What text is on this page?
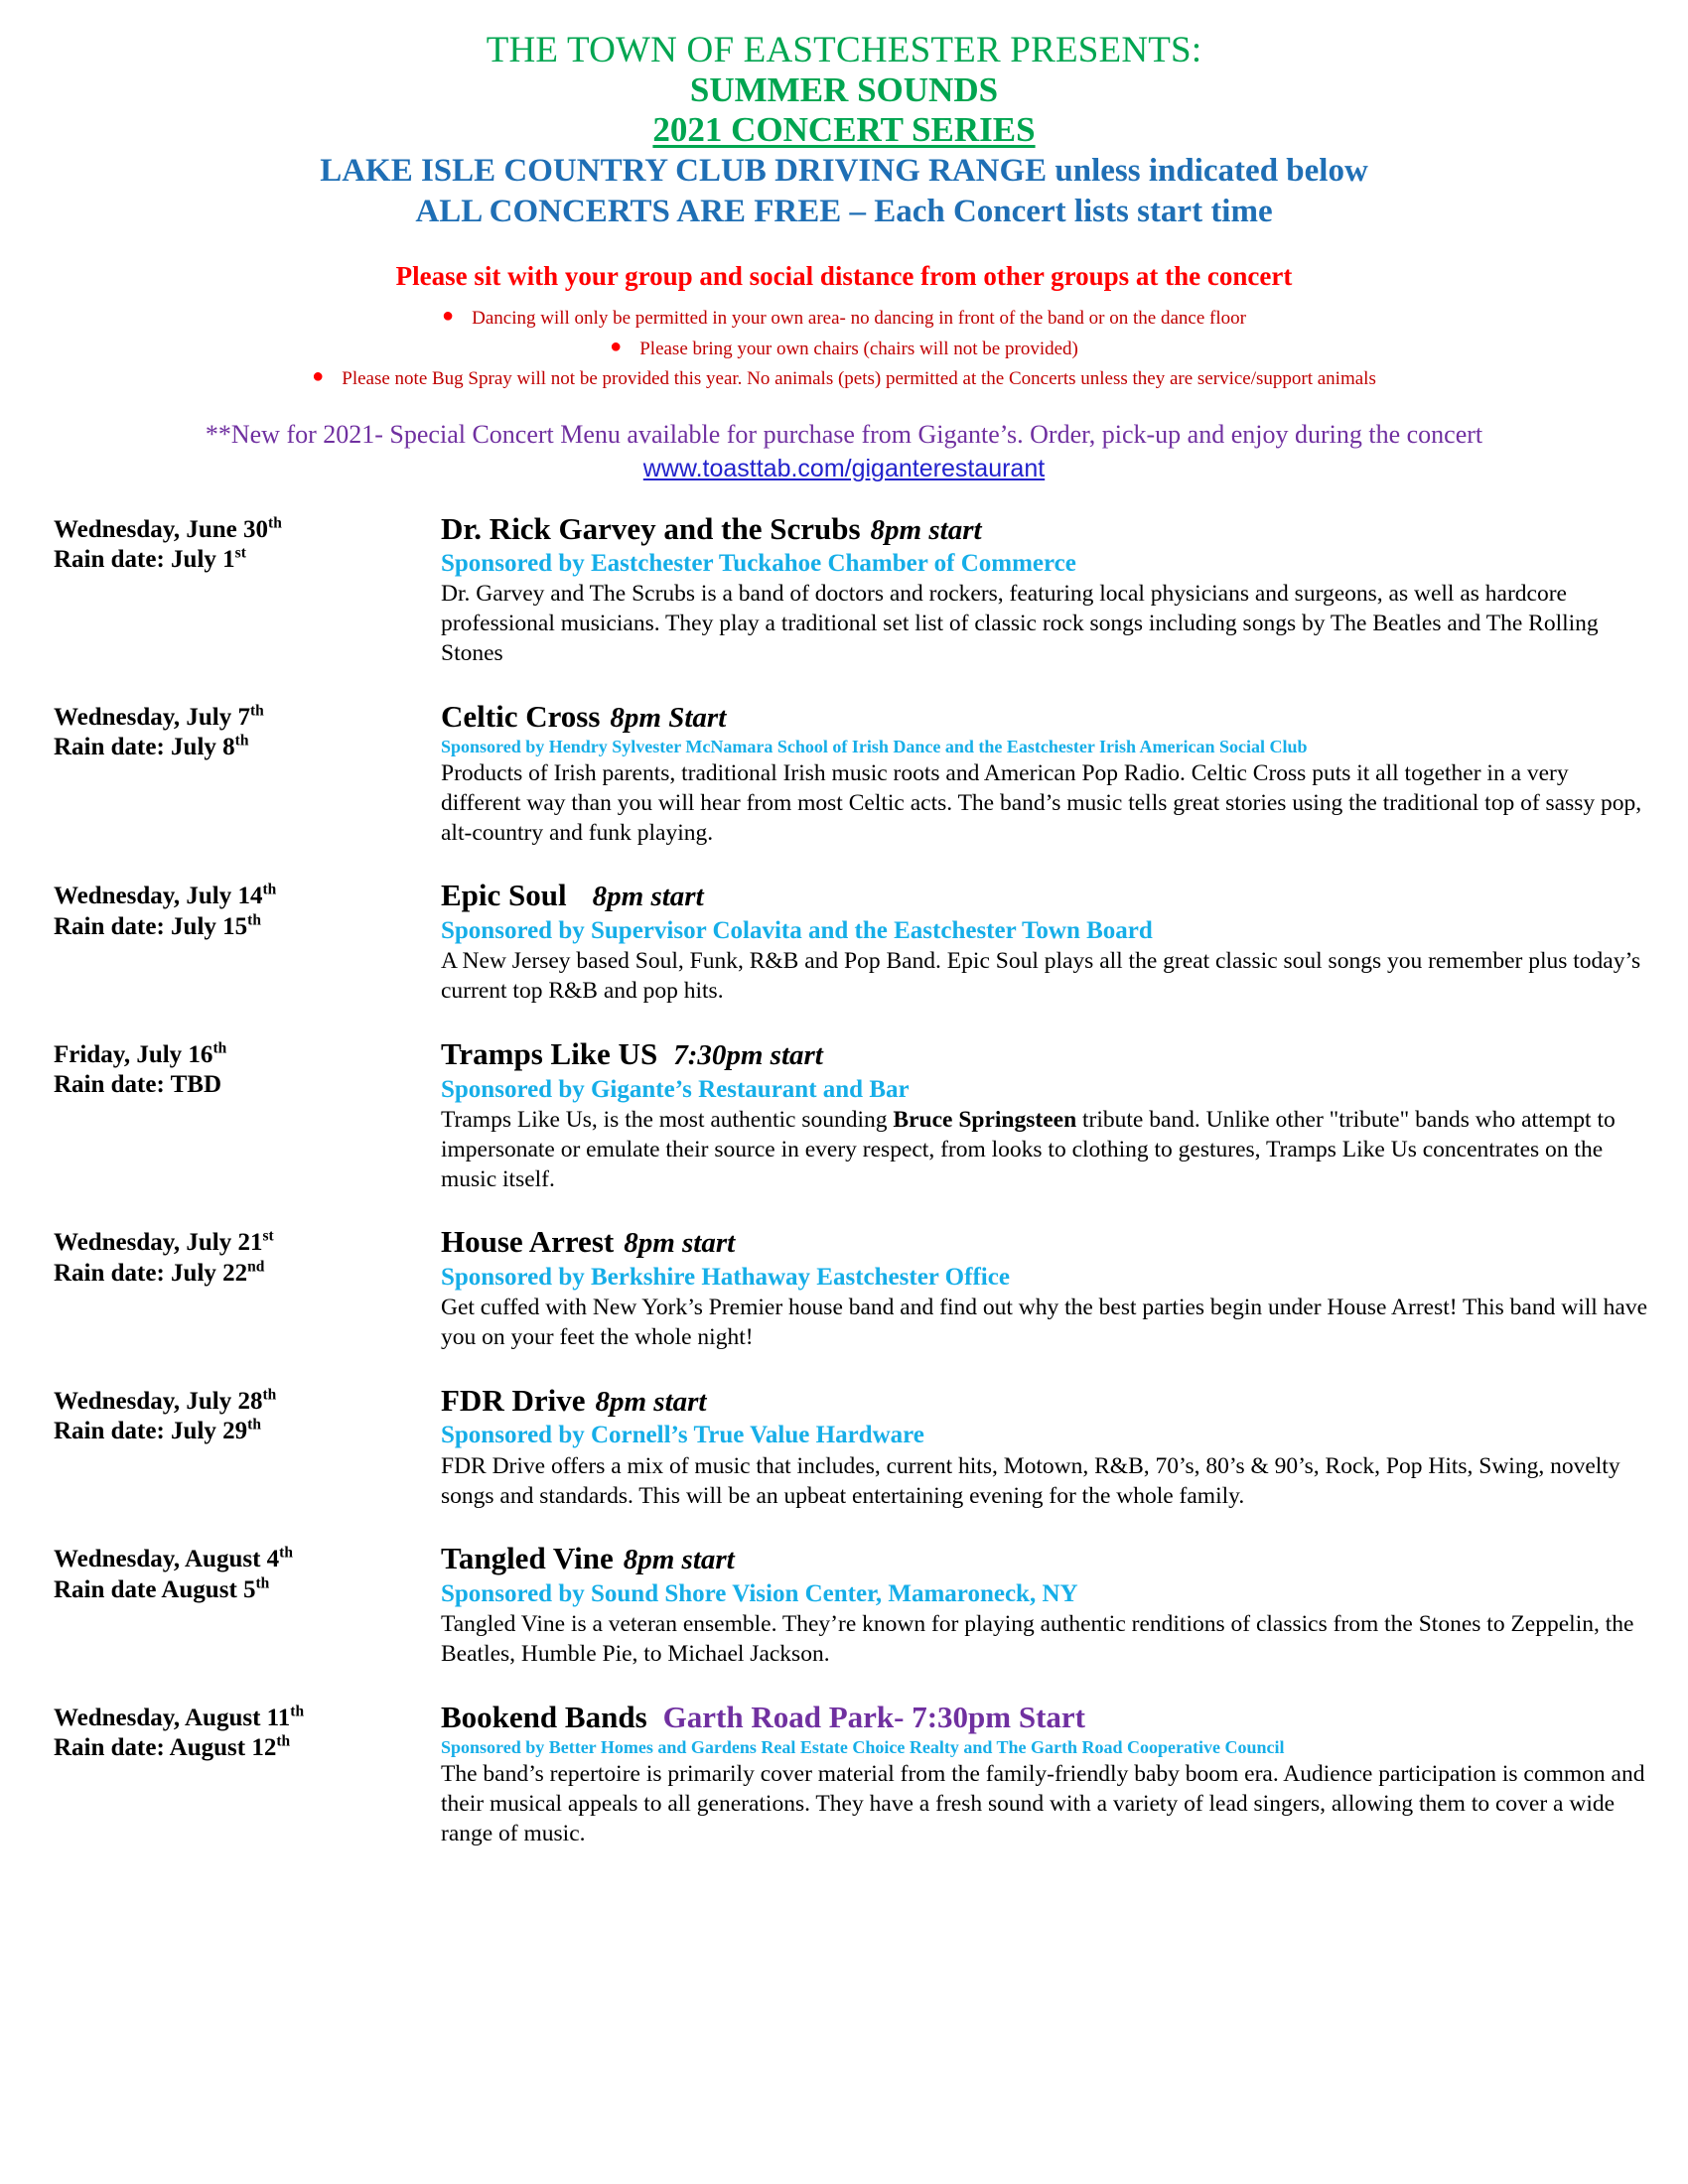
THE TOWN OF EASTCHESTER PRESENTS:
SUMMER SOUNDS
2021 CONCERT SERIES
LAKE ISLE COUNTRY CLUB DRIVING RANGE unless indicated below
ALL CONCERTS ARE FREE – Each Concert lists start time
Please sit with your group and social distance from other groups at the concert
● Dancing will only be permitted in your own area- no dancing in front of the band or on the dance floor
● Please bring your own chairs (chairs will not be provided)
● Please note Bug Spray will not be provided this year. No animals (pets) permitted at the Concerts unless they are service/support animals
**New for 2021- Special Concert Menu available for purchase from Gigante’s. Order, pick-up and enjoy during the concert
www.toasttab.com/giganterestaurant
Wednesday, June 30th
Rain date: July 1st
Dr. Rick Garvey and the Scrubs 8pm start
Sponsored by Eastchester Tuckahoe Chamber of Commerce
Dr. Garvey and The Scrubs is a band of doctors and rockers, featuring local physicians and surgeons, as well as hardcore professional musicians. They play a traditional set list of classic rock songs including songs by The Beatles and The Rolling Stones
Wednesday, July 7th
Rain date: July 8th
Celtic Cross 8pm Start
Sponsored by Hendry Sylvester McNamara School of Irish Dance and the Eastchester Irish American Social Club
Products of Irish parents, traditional Irish music roots and American Pop Radio. Celtic Cross puts it all together in a very different way than you will hear from most Celtic acts. The band’s music tells great stories using the traditional top of sassy pop, alt-country and funk playing.
Wednesday, July 14th
Rain date: July 15th
Epic Soul 8pm start
Sponsored by Supervisor Colavita and the Eastchester Town Board
A New Jersey based Soul, Funk, R&B and Pop Band. Epic Soul plays all the great classic soul songs you remember plus today’s current top R&B and pop hits.
Friday, July 16th
Rain date: TBD
Tramps Like US 7:30pm start
Sponsored by Gigante’s Restaurant and Bar
Tramps Like Us, is the most authentic sounding Bruce Springsteen tribute band. Unlike other "tribute" bands who attempt to impersonate or emulate their source in every respect, from looks to clothing to gestures, Tramps Like Us concentrates on the music itself.
Wednesday, July 21st
Rain date: July 22nd
House Arrest 8pm start
Sponsored by Berkshire Hathaway Eastchester Office
Get cuffed with New York’s Premier house band and find out why the best parties begin under House Arrest! This band will have you on your feet the whole night!
Wednesday, July 28th
Rain date: July 29th
FDR Drive 8pm start
Sponsored by Cornell’s True Value Hardware
FDR Drive offers a mix of music that includes, current hits, Motown, R&B, 70’s, 80’s & 90’s, Rock, Pop Hits, Swing, novelty songs and standards. This will be an upbeat entertaining evening for the whole family.
Wednesday, August 4th
Rain date August 5th
Tangled Vine 8pm start
Sponsored by Sound Shore Vision Center, Mamaroneck, NY
Tangled Vine is a veteran ensemble. They’re known for playing authentic renditions of classics from the Stones to Zeppelin, the Beatles, Humble Pie, to Michael Jackson.
Wednesday, August 11th
Rain date: August 12th
Bookend Bands Garth Road Park- 7:30pm Start
Sponsored by Better Homes and Gardens Real Estate Choice Realty and The Garth Road Cooperative Council
The band’s repertoire is primarily cover material from the family-friendly baby boom era. Audience participation is common and their musical appeals to all generations. They have a fresh sound with a variety of lead singers, allowing them to cover a wide range of music.
